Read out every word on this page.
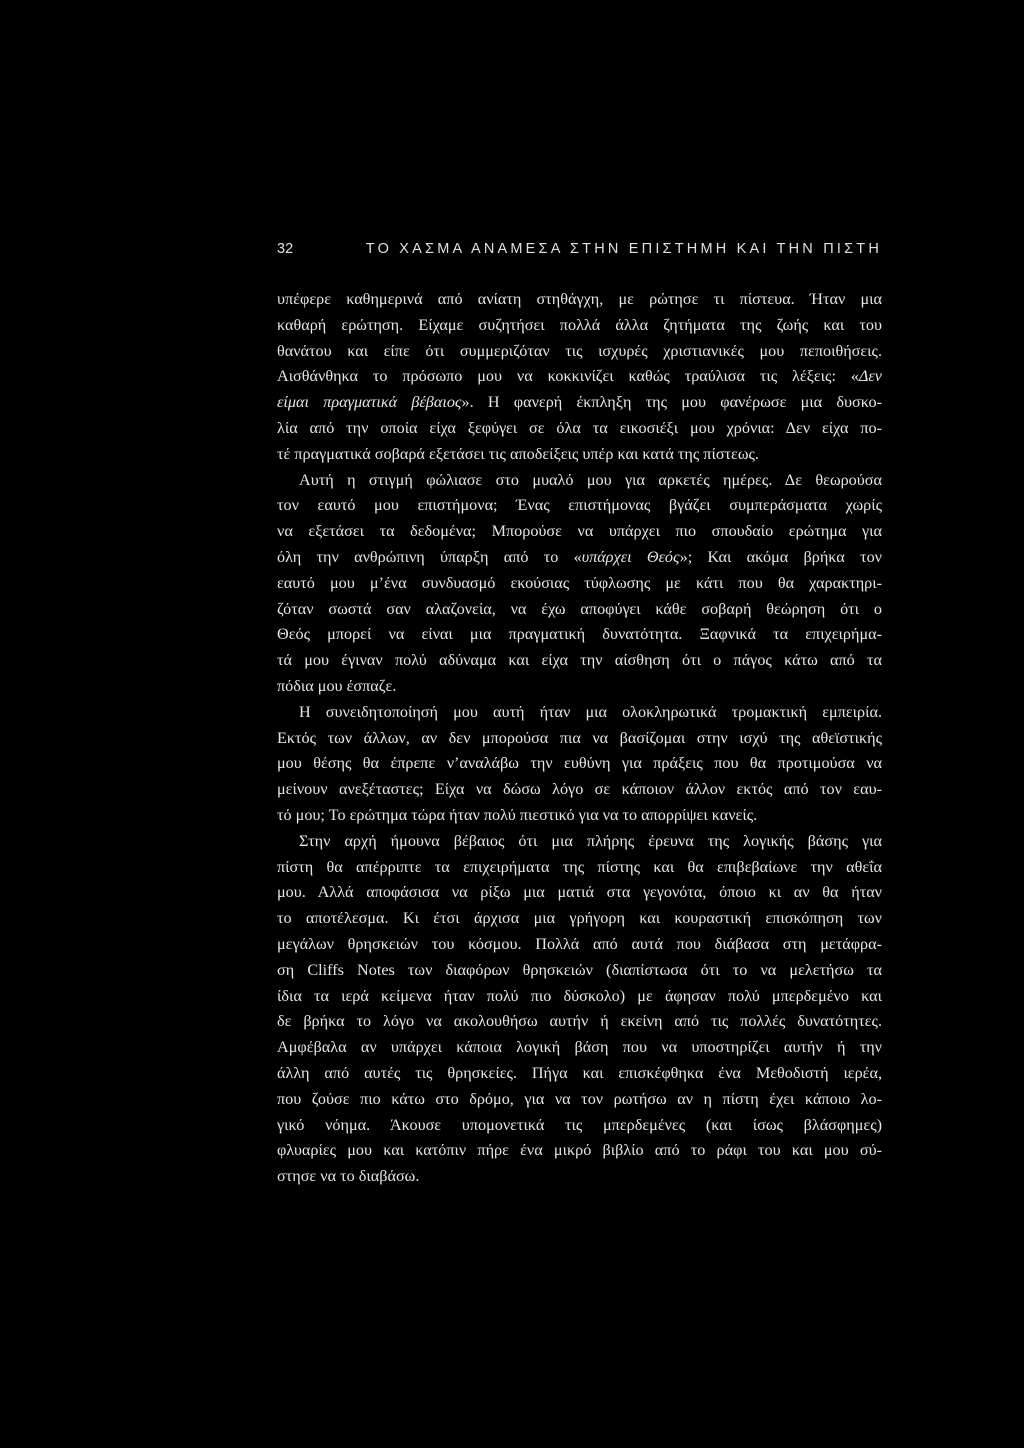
32	ΤΟ ΧΑΣΜΑ ΑΝΑΜΕΣΑ ΣΤΗΝ ΕΠΙΣΤΗΜΗ ΚΑΙ ΤΗΝ ΠΙΣΤΗ
υπέφερε καθημερινά από ανίατη στηθάγχη, με ρώτησε τι πίστευα. Ήταν μια
καθαρή ερώτηση. Είχαμε συζητήσει πολλά άλλα ζητήματα της ζωής και του
θανάτου και είπε ότι συμμεριζόταν τις ισχυρές χριστιανικές μου πεποιθήσεις.
Αισθάνθηκα το πρόσωπο μου να κοκκινίζει καθώς τραύλισα τις λέξεις: «Δεν
είμαι πραγματικά βέβαιος». Η φανερή έκπληξη της μου φανέρωσε μια δυσκο-
λία από την οποία είχα ξεφύγει σε όλα τα εικοσιέξι μου χρόνια: Δεν είχα πο-
τέ πραγματικά σοβαρά εξετάσει τις αποδείξεις υπέρ και κατά της πίστεως.
Αυτή η στιγμή φώλιασε στο μυαλό μου για αρκετές ημέρες. Δε θεωρούσα
τον εαυτό μου επιστήμονα; Ένας επιστήμονας βγάζει συμπεράσματα χωρίς
να εξετάσει τα δεδομένα; Μπορούσε να υπάρχει πιο σπουδαίο ερώτημα για
όλη την ανθρώπινη ύπαρξη από το «υπάρχει Θεός»; Και ακόμα βρήκα τον
εαυτό μου μ’ένα συνδυασμό εκούσιας τύφλωσης με κάτι που θα χαρακτηρι-
ζόταν σωστά σαν αλαζονεία, να έχω αποφύγει κάθε σοβαρή θεώρηση ότι ο
Θεός μπορεί να είναι μια πραγματική δυνατότητα. Ξαφνικά τα επιχειρήμα-
τά μου έγιναν πολύ αδύναμα και είχα την αίσθηση ότι ο πάγος κάτω από τα
πόδια μου έσπαζε.
Η συνειδητοποίησή μου αυτή ήταν μια ολοκληρωτικά τρομακτική εμπειρία.
Εκτός των άλλων, αν δεν μπορούσα πια να βασίζομαι στην ισχύ της αθεϊστικής
μου θέσης θα έπρεπε ν’αναλάβω την ευθύνη για πράξεις που θα προτιμούσα να
μείνουν ανεξέταστες; Είχα να δώσω λόγο σε κάποιον άλλον εκτός από τον εαυ-
τό μου; Το ερώτημα τώρα ήταν πολύ πιεστικό για να το απορρίψει κανείς.
Στην αρχή ήμουνα βέβαιος ότι μια πλήρης έρευνα της λογικής βάσης για
πίστη θα απέρριπτε τα επιχειρήματα της πίστης και θα επιβεβαίωνε την αθεΐα
μου. Αλλά αποφάσισα να ρίξω μια ματιά στα γεγονότα, όποιο κι αν θα ήταν
το αποτέλεσμα. Κι έτσι άρχισα μια γρήγορη και κουραστική επισκόπηση των
μεγάλων θρησκειών του κόσμου. Πολλά από αυτά που διάβασα στη μετάφρα-
ση Cliffs Notes των διαφόρων θρησκειών (διαπίστωσα ότι το να μελετήσω τα
ίδια τα ιερά κείμενα ήταν πολύ πιο δύσκολο) με άφησαν πολύ μπερδεμένο και
δε βρήκα το λόγο να ακολουθήσω αυτήν ή εκείνη από τις πολλές δυνατότητες.
Αμφέβαλα αν υπάρχει κάποια λογική βάση που να υποστηρίζει αυτήν ή την
άλλη από αυτές τις θρησκείες. Πήγα και επισκέφθηκα ένα Μεθοδιστή ιερέα,
που ζούσε πιο κάτω στο δρόμο, για να τον ρωτήσω αν η πίστη έχει κάποιο λο-
γικό νόημα. Άκουσε υπομονετικά τις μπερδεμένες (και ίσως βλάσφημες)
φλυαρίες μου και κατόπιν πήρε ένα μικρό βιβλίο από το ράφι του και μου σύ-
στησε να το διαβάσω.
